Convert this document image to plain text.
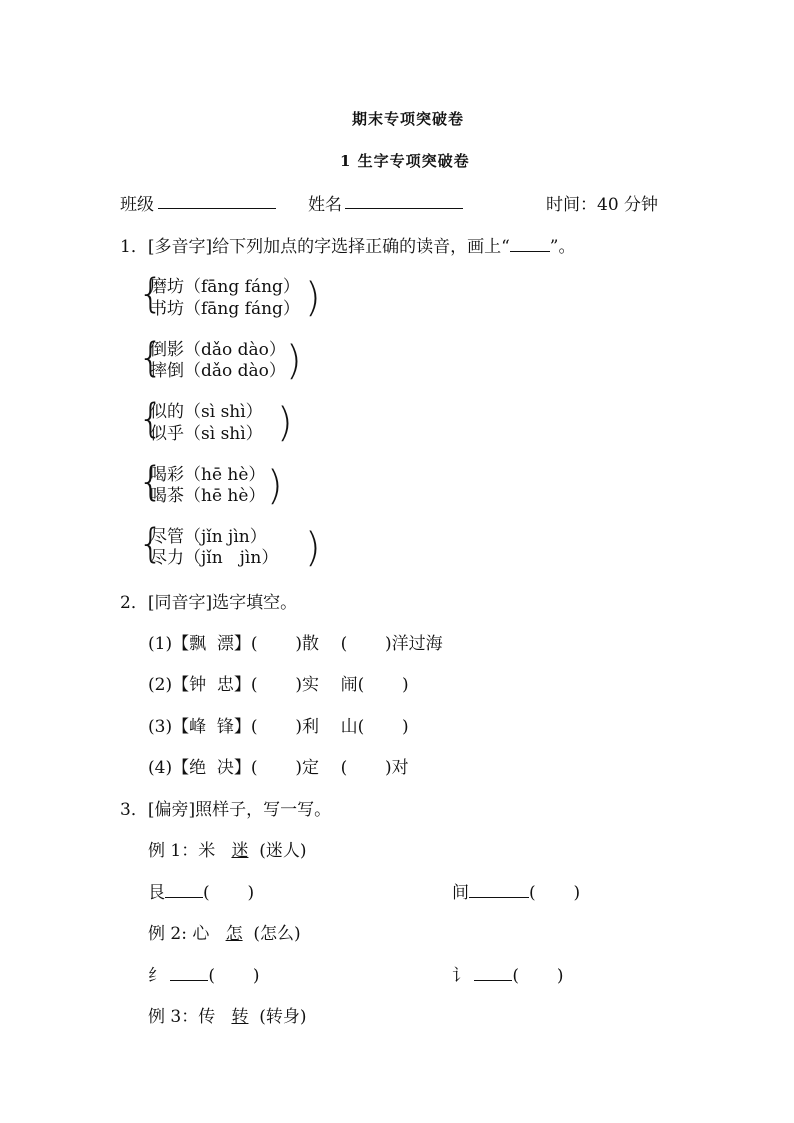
期末专项突破卷
1 生字专项突破卷
班级	姓名	时间：40 分钟
1．[多音字]给下列加点的字选择正确的读音，画上“ ”。
{
磨坊（fāng fáng）
书坊（fāng fáng） )
{
倒影（dǎo dào）
摔倒（dǎo dào） )
{
似的（sì shì）
似乎（sì shì） )
{
喝彩（hē hè）
喝茶（hē hè） )
{
尽管（jǐn jìn）
尽力（jǐn　jìn） )
2．[同音字]选字填空。
(1)【飘  漂】(       )散    (       )洋过海
(2)【钟  忠】(       )实    闹(       )
(3)【峰  锋】(       )利    山(       )
(4)【绝  决】(       )定    (       )对
3．[偏旁]照样子，写一写。
例 1：米 迷 (迷人)
艮 (       )	间	(       )
例 2: 心 怎 (怎么)
纟	(       )	讠	(       )
例 3：传 转 (转身)
